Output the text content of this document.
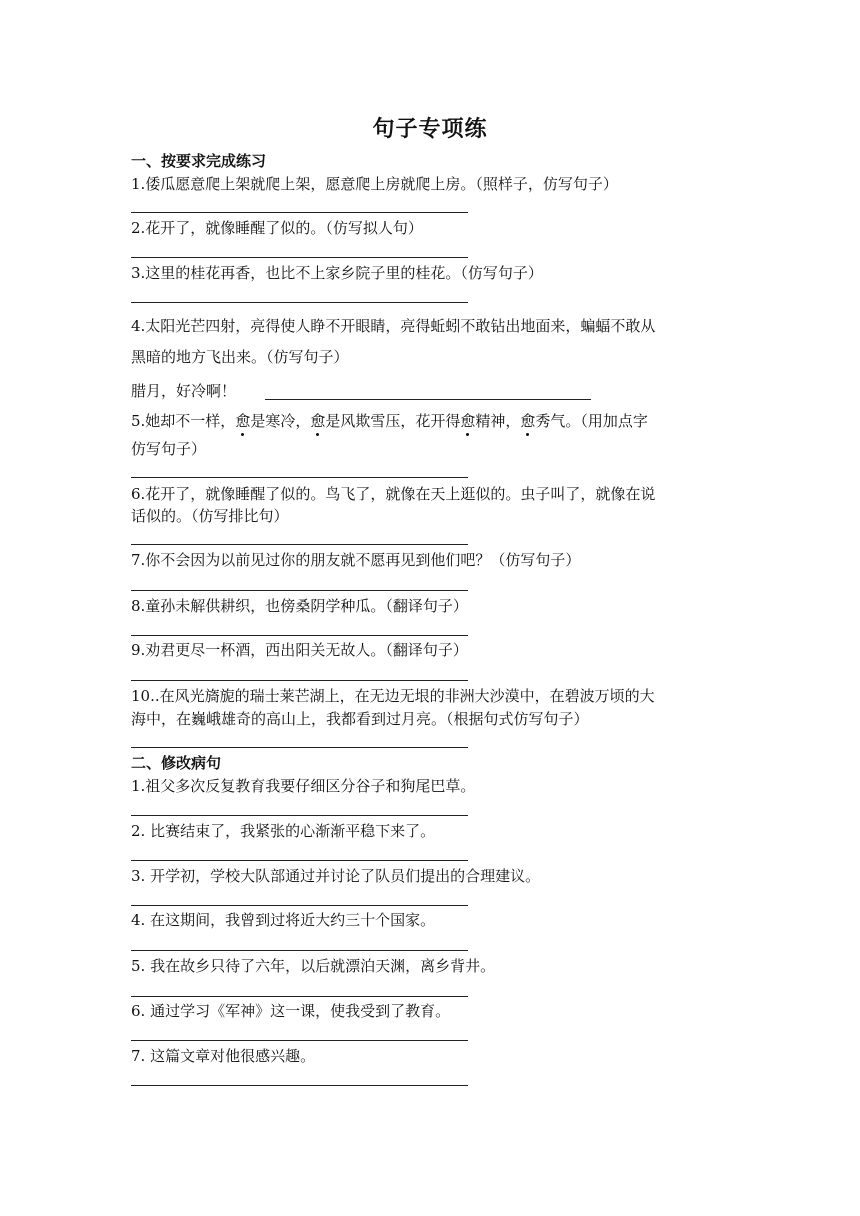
句子专项练
一、按要求完成练习
1.倭瓜愿意爬上架就爬上架，愿意爬上房就爬上房。（照样子，仿写句子）
2.花开了，就像睡醒了似的。（仿写拟人句）
3.这里的桂花再香，也比不上家乡院子里的桂花。（仿写句子）
4.太阳光芒四射，亮得使人睁不开眼睛，亮得蚯蚓不敢钻出地面来，蝙蝠不敢从
黑暗的地方飞出来。（仿写句子）
腊月，好冷啊！
5.她却不一样，愈是寒冷，愈是风欺雪压，花开得愈精神，愈秀气。（用加点字
仿写句子）
6.花开了，就像睡醒了似的。鸟飞了，就像在天上逛似的。虫子叫了，就像在说
话似的。（仿写排比句）
7.你不会因为以前见过你的朋友就不愿再见到他们吧？（仿写句子）
8.童孙未解供耕织，也傍桑阴学种瓜。（翻译句子）
9.劝君更尽一杯酒，西出阳关无故人。（翻译句子）
10..在风光旖旎的瑞士莱芒湖上，在无边无垠的非洲大沙漠中，在碧波万顷的大
海中，在巍峨雄奇的高山上，我都看到过月亮。（根据句式仿写句子）
二、修改病句
1.祖父多次反复教育我要仔细区分谷子和狗尾巴草。
2. 比赛结束了，我紧张的心渐渐平稳下来了。
3. 开学初，学校大队部通过并讨论了队员们提出的合理建议。
4. 在这期间，我曾到过将近大约三十个国家。
5. 我在故乡只待了六年，以后就漂泊天渊，离乡背井。
6. 通过学习《军神》这一课，使我受到了教育。
7. 这篇文章对他很感兴趣。
